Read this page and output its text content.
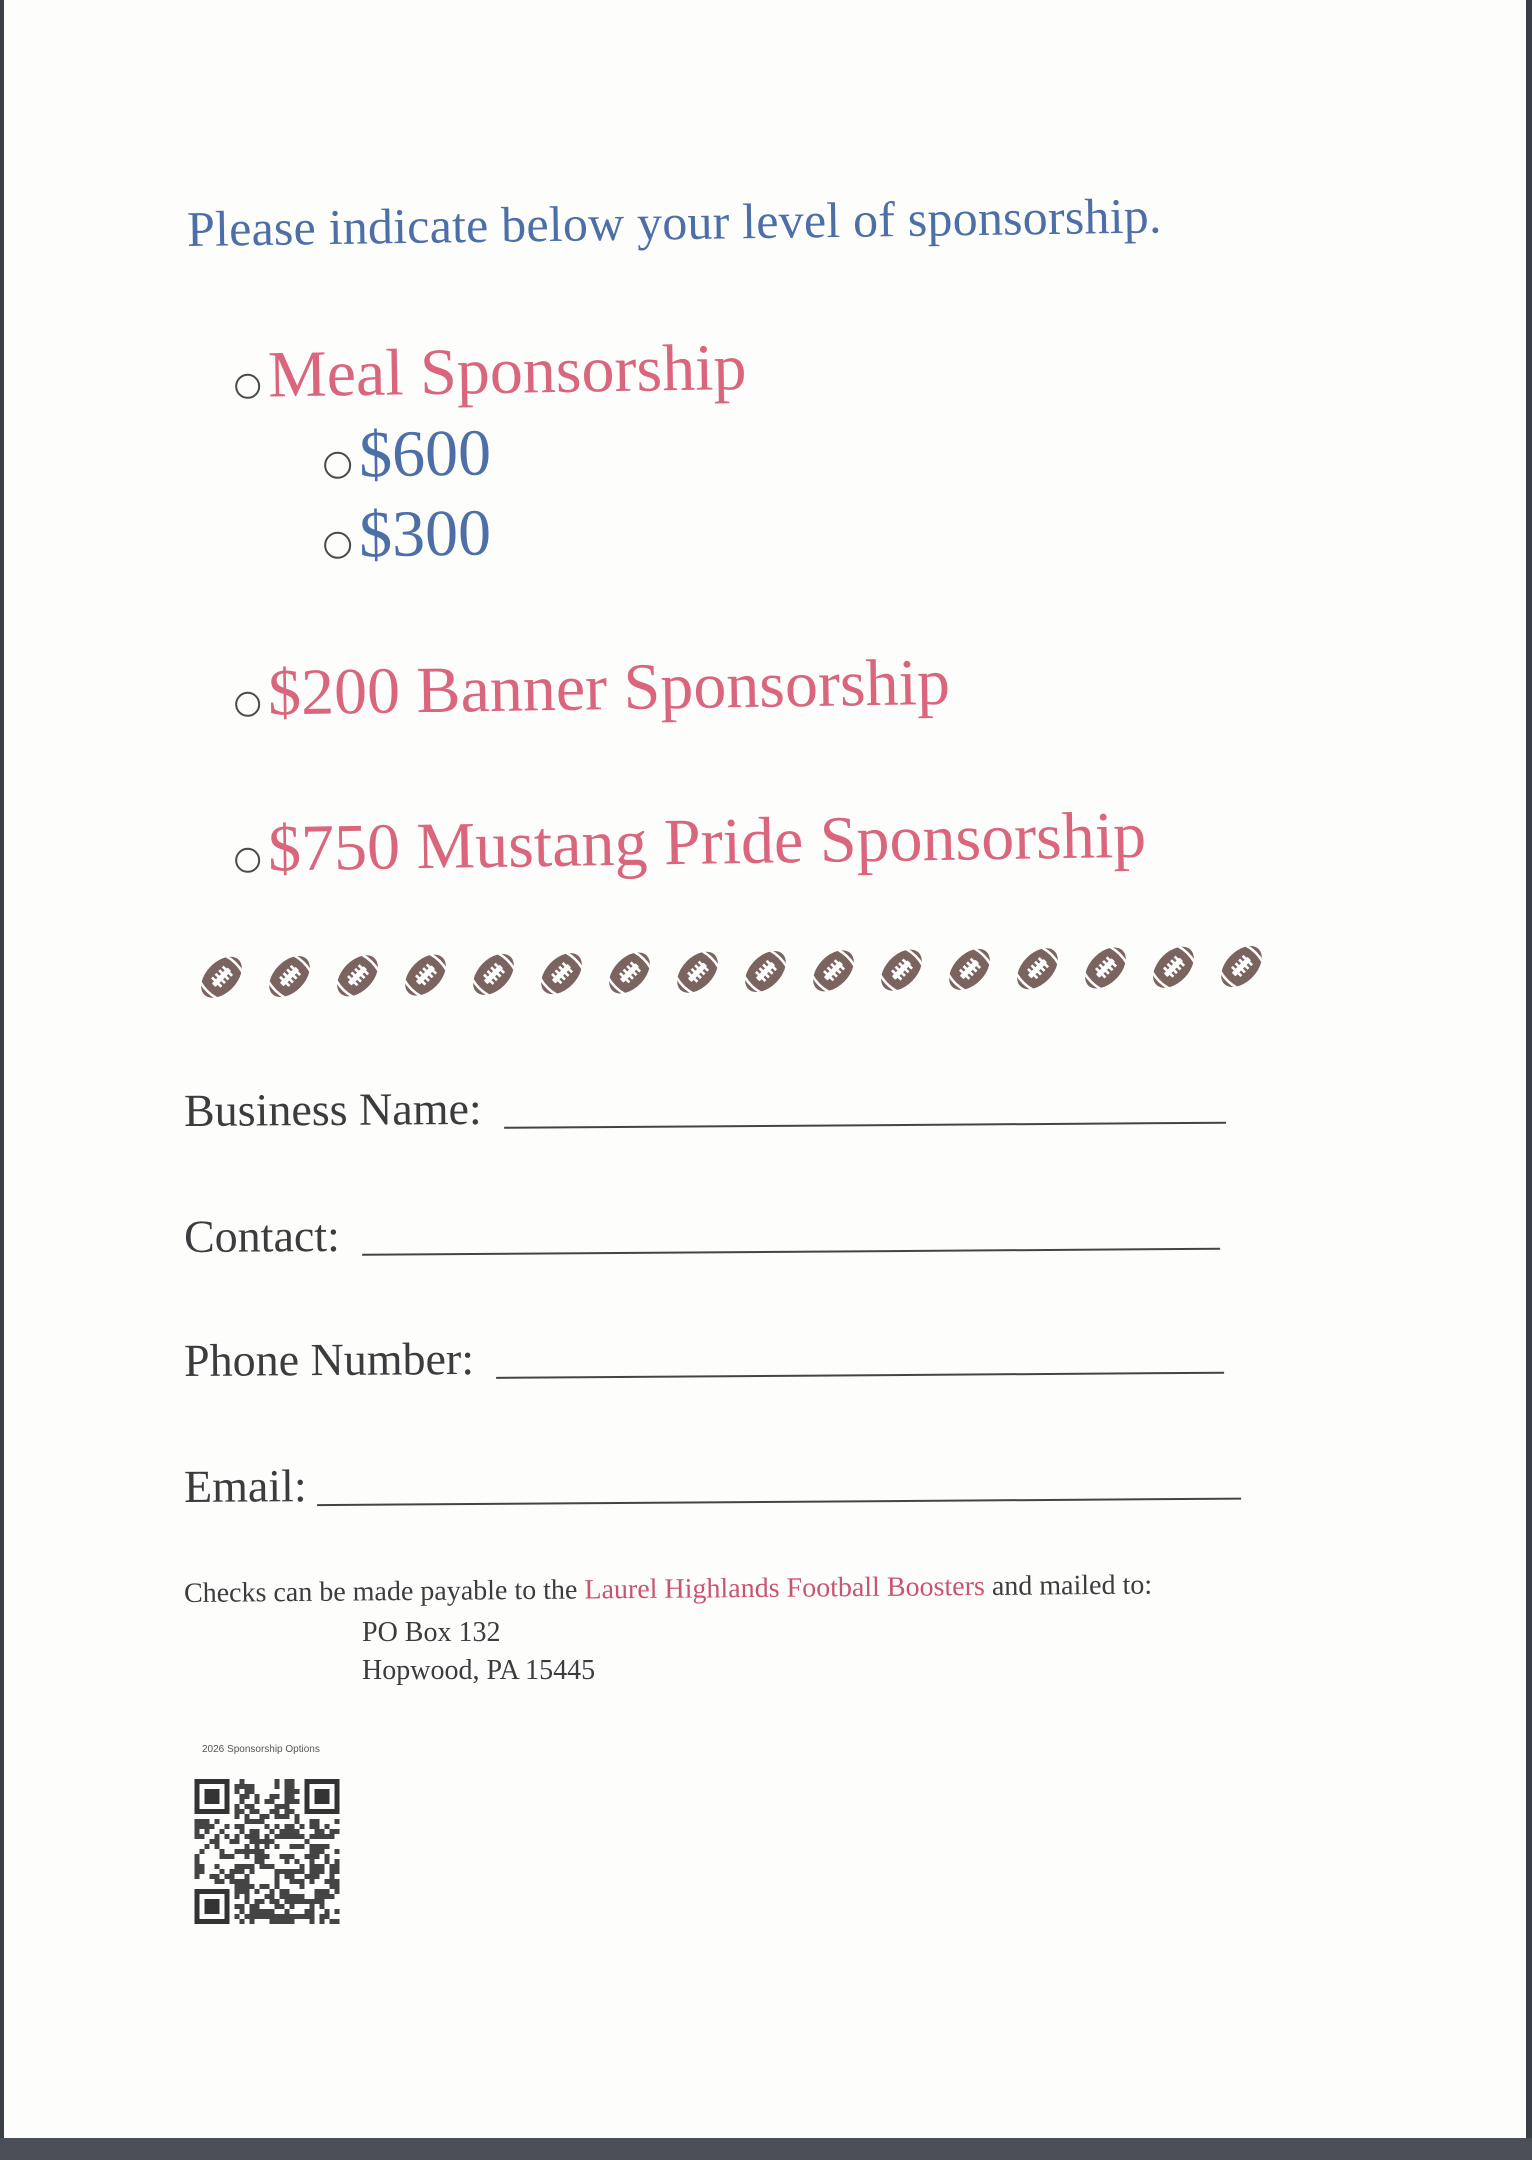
Please indicate below your level of sponsorship.
Meal Sponsorship
$600
$300
$200 Banner Sponsorship
$750 Mustang Pride Sponsorship
Business Name:
Contact:
Phone Number:
Email:
Checks can be made payable to the Laurel Highlands Football Boosters and mailed to:
PO Box 132
Hopwood, PA 15445
2026 Sponsorship Options
